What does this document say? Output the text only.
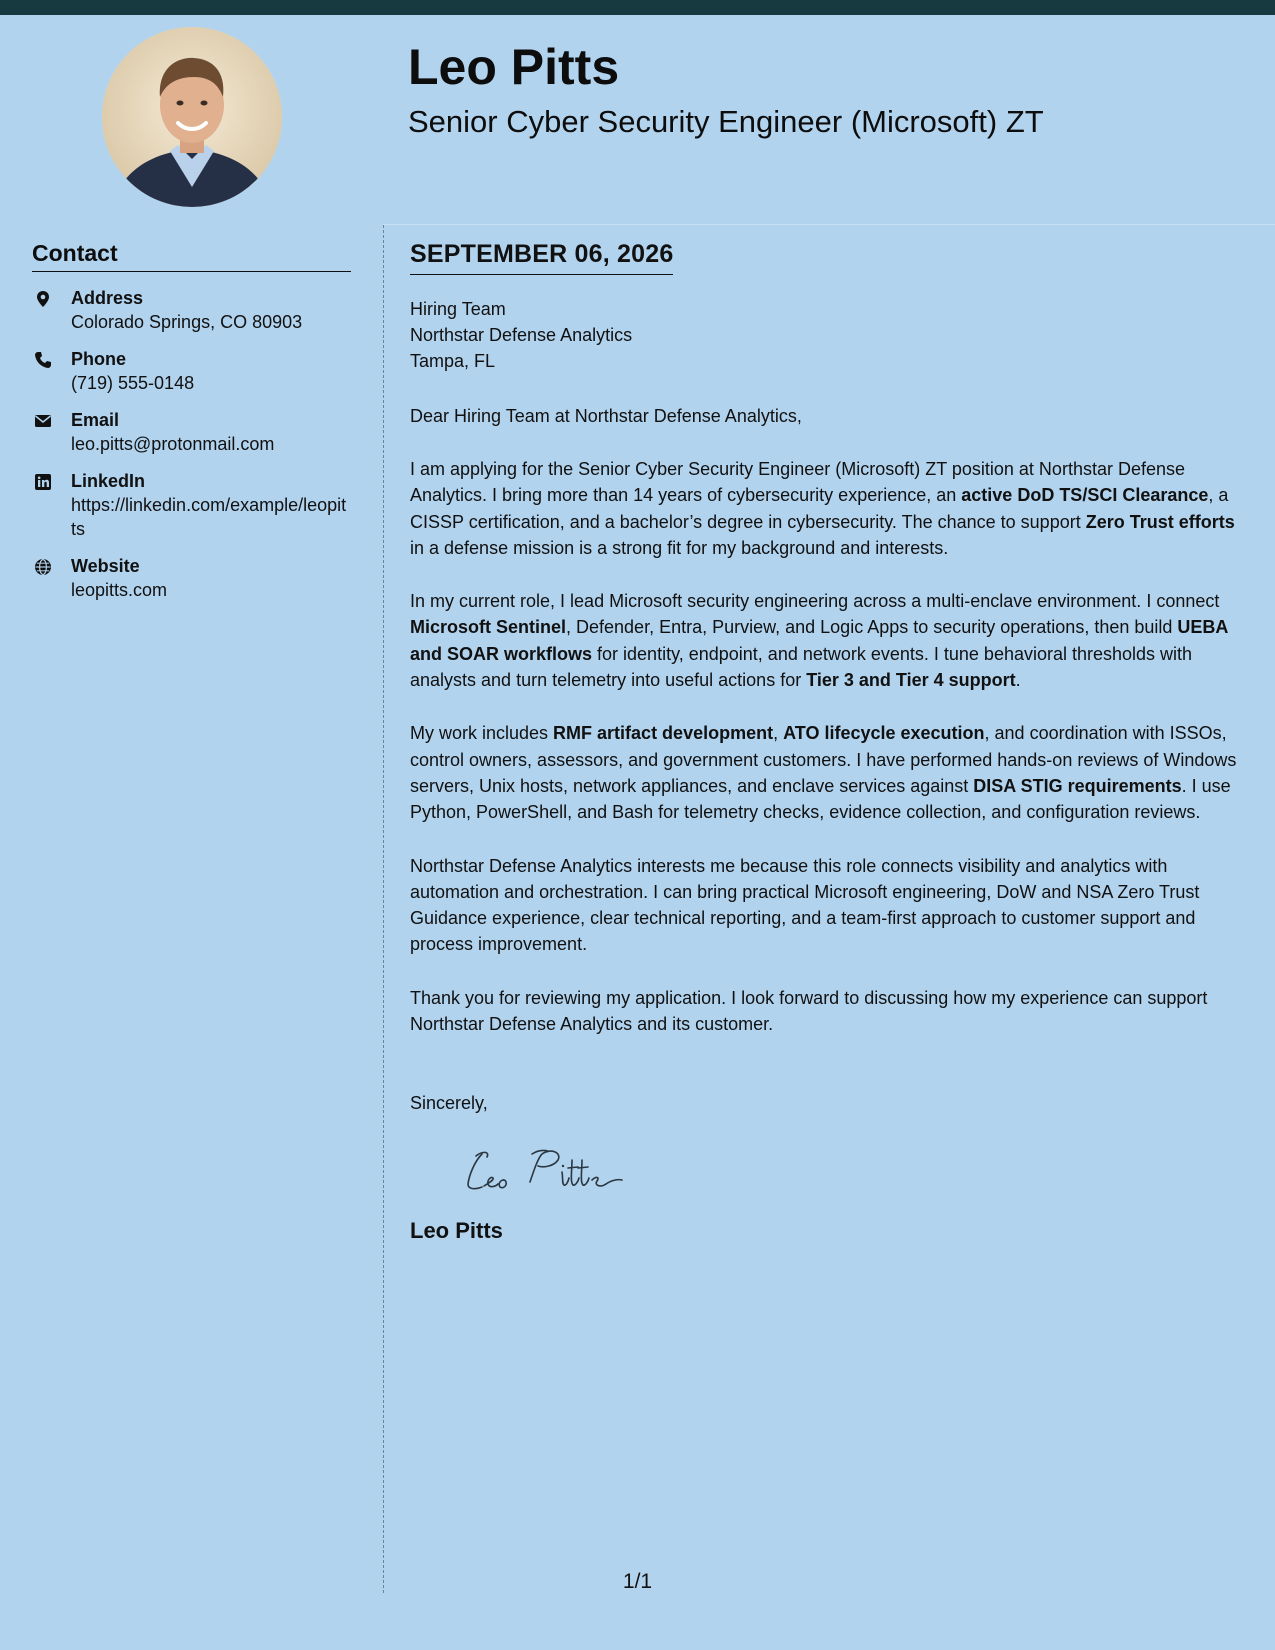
Leo Pitts
Senior Cyber Security Engineer (Microsoft) ZT
Contact
Address
Colorado Springs, CO 80903
Phone
(719) 555-0148
Email
leo.pitts@protonmail.com
LinkedIn
https://linkedin.com/example/leopitts
Website
leopitts.com
SEPTEMBER 06, 2026
Hiring Team
Northstar Defense Analytics
Tampa, FL
Dear Hiring Team at Northstar Defense Analytics,

I am applying for the Senior Cyber Security Engineer (Microsoft) ZT position at Northstar Defense Analytics. I bring more than 14 years of cybersecurity experience, an active DoD TS/SCI Clearance, a CISSP certification, and a bachelor’s degree in cybersecurity. The chance to support Zero Trust efforts in a defense mission is a strong fit for my background and interests.

In my current role, I lead Microsoft security engineering across a multi-enclave environment. I connect Microsoft Sentinel, Defender, Entra, Purview, and Logic Apps to security operations, then build UEBA and SOAR workflows for identity, endpoint, and network events. I tune behavioral thresholds with analysts and turn telemetry into useful actions for Tier 3 and Tier 4 support.

My work includes RMF artifact development, ATO lifecycle execution, and coordination with ISSOs, control owners, assessors, and government customers. I have performed hands-on reviews of Windows servers, Unix hosts, network appliances, and enclave services against DISA STIG requirements. I use Python, PowerShell, and Bash for telemetry checks, evidence collection, and configuration reviews.

Northstar Defense Analytics interests me because this role connects visibility and analytics with automation and orchestration. I can bring practical Microsoft engineering, DoW and NSA Zero Trust Guidance experience, clear technical reporting, and a team-first approach to customer support and process improvement.

Thank you for reviewing my application. I look forward to discussing how my experience can support Northstar Defense Analytics and its customer.

Sincerely,
Leo Pitts
1/1
